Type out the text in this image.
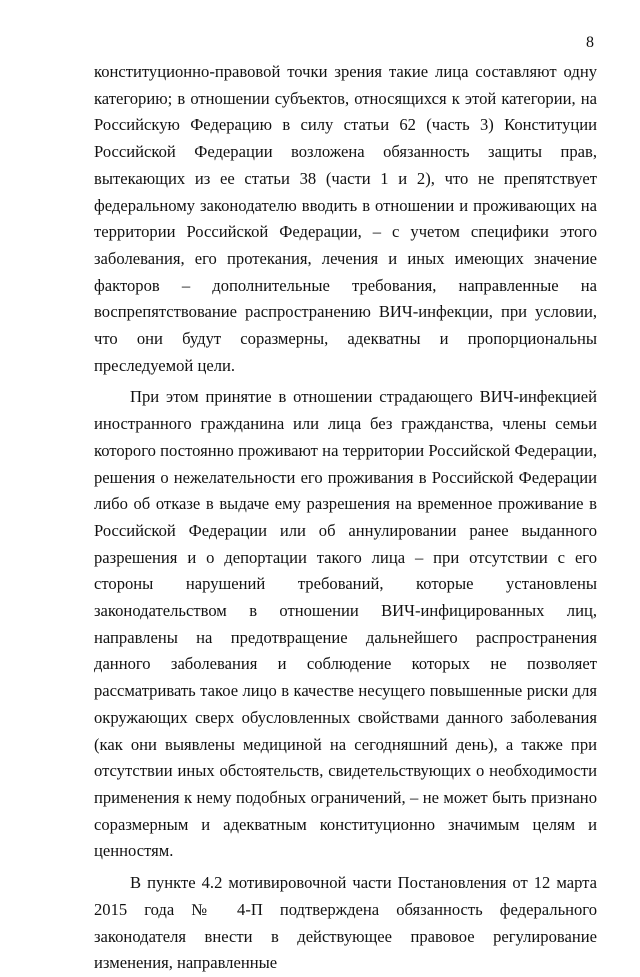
8

конституционно-правовой точки зрения такие лица составляют одну категорию; в отношении субъектов, относящихся к этой категории, на Российскую Федерацию в силу статьи 62 (часть 3) Конституции Российской Федерации возложена обязанность защиты прав, вытекающих из ее статьи 38 (части 1 и 2), что не препятствует федеральному законодателю вводить в отношении и проживающих на территории Российской Федерации, – с учетом специфики этого заболевания, его протекания, лечения и иных имеющих значение факторов – дополнительные требования, направленные на воспрепятствование распространению ВИЧ-инфекции, при условии, что они будут соразмерны, адекватны и пропорциональны преследуемой цели.

При этом принятие в отношении страдающего ВИЧ-инфекцией иностранного гражданина или лица без гражданства, члены семьи которого постоянно проживают на территории Российской Федерации, решения о нежелательности его проживания в Российской Федерации либо об отказе в выдаче ему разрешения на временное проживание в Российской Федерации или об аннулировании ранее выданного разрешения и о депортации такого лица – при отсутствии с его стороны нарушений требований, которые установлены законодательством в отношении ВИЧ-инфицированных лиц, направлены на предотвращение дальнейшего распространения данного заболевания и соблюдение которых не позволяет рассматривать такое лицо в качестве несущего повышенные риски для окружающих сверх обусловленных свойствами данного заболевания (как они выявлены медициной на сегодняшний день), а также при отсутствии иных обстоятельств, свидетельствующих о необходимости применения к нему подобных ограничений, – не может быть признано соразмерным и адекватным конституционно значимым целям и ценностям.

В пункте 4.2 мотивировочной части Постановления от 12 марта 2015 года № 4-П подтверждена обязанность федерального законодателя внести в действующее правовое регулирование изменения, направленные
